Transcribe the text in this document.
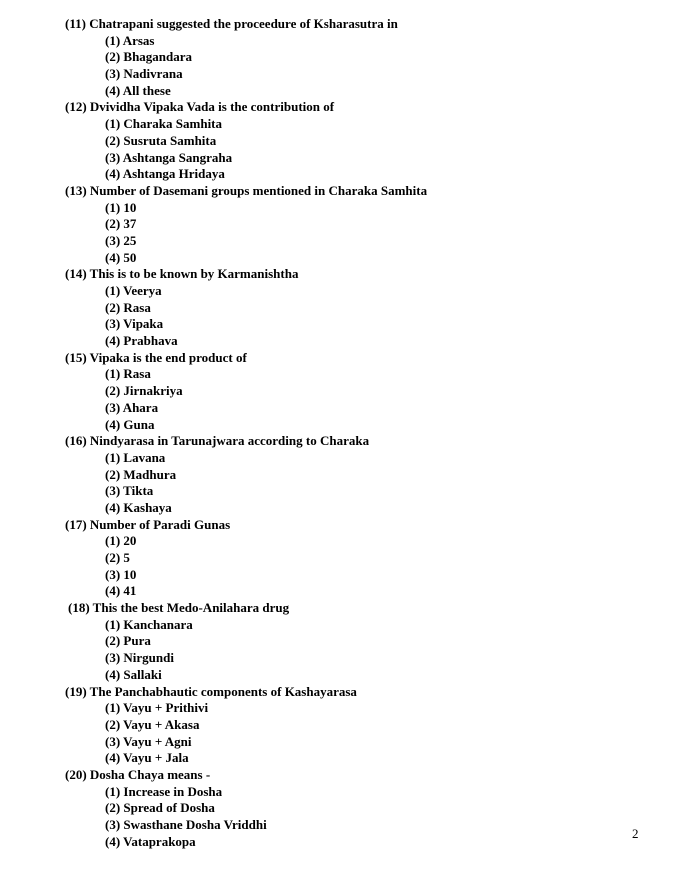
(11) Chatrapani suggested the proceedure of Ksharasutra in
(1) Arsas
(2) Bhagandara
(3) Nadivrana
(4) All these
(12) Dvividha Vipaka Vada is the contribution of
(1) Charaka Samhita
(2) Susruta Samhita
(3) Ashtanga Sangraha
(4) Ashtanga Hridaya
(13) Number of Dasemani groups mentioned in Charaka Samhita
(1) 10
(2) 37
(3) 25
(4) 50
(14) This is to be known by Karmanishtha
(1) Veerya
(2) Rasa
(3) Vipaka
(4) Prabhava
(15) Vipaka is the end product of
(1) Rasa
(2) Jirnakriya
(3) Ahara
(4) Guna
(16) Nindyarasa in Tarunajwara according to Charaka
(1) Lavana
(2) Madhura
(3) Tikta
(4) Kashaya
(17) Number of Paradi Gunas
(1) 20
(2) 5
(3) 10
(4) 41
(18) This the best Medo-Anilahara drug
(1) Kanchanara
(2) Pura
(3) Nirgundi
(4) Sallaki
(19) The Panchabhautic components of Kashayarasa
(1) Vayu + Prithivi
(2) Vayu + Akasa
(3) Vayu + Agni
(4) Vayu + Jala
(20) Dosha Chaya means -
(1) Increase in Dosha
(2) Spread of Dosha
(3) Swasthane Dosha Vriddhi
(4) Vataprakopa
2
